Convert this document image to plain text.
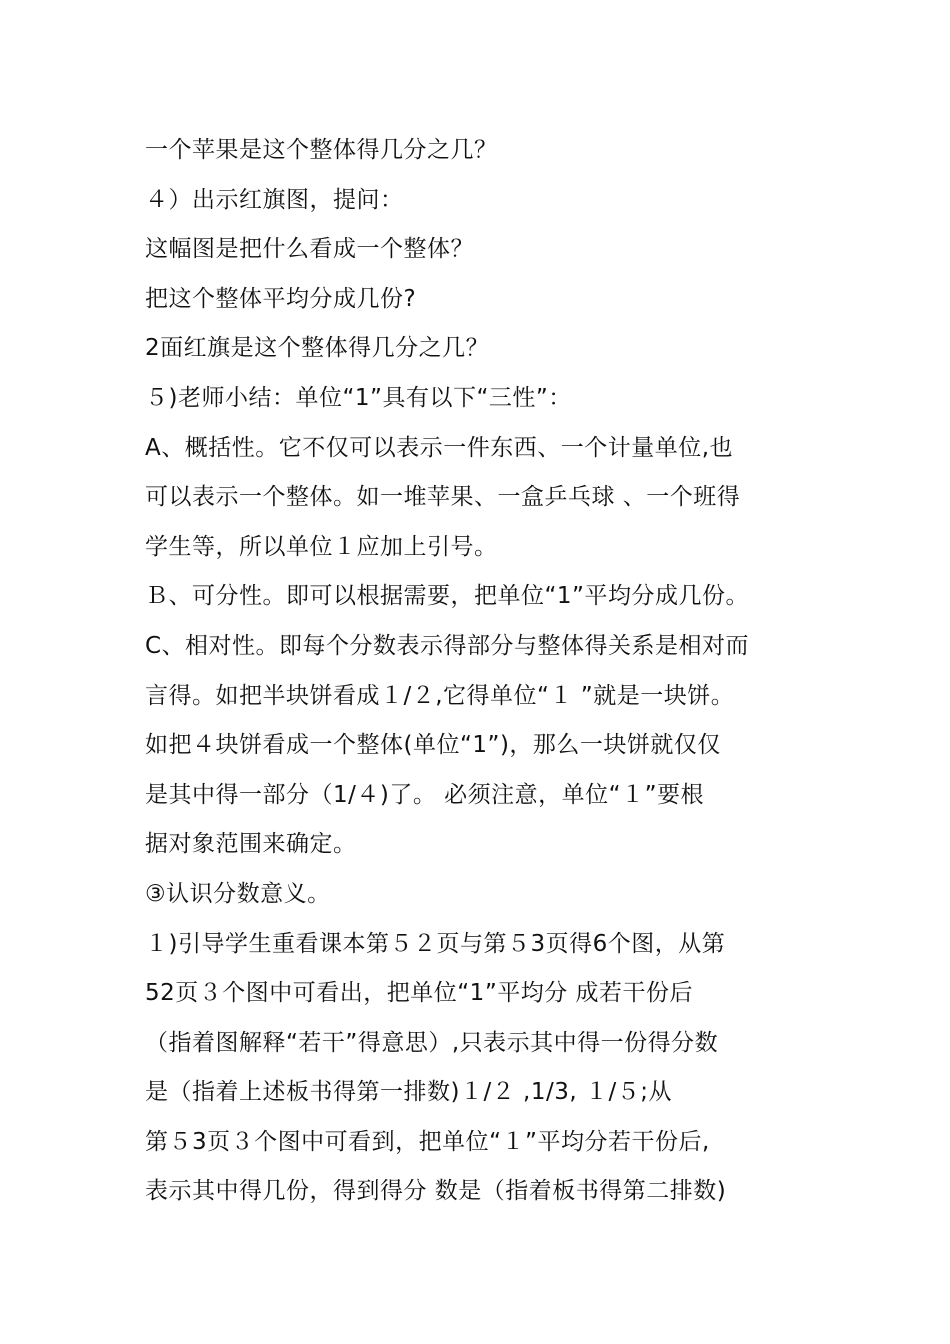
一个苹果是这个整体得几分之几？
４）出示红旗图，提问：
这幅图是把什么看成一个整体？
把这个整体平均分成几份?
2面红旗是这个整体得几分之几？
５)老师小结：单位“1”具有以下“三性”：
A、概括性。它不仅可以表示一件东西、一个计量单位,也
可以表示一个整体。如一堆苹果、一盒乒乓球 、一个班得
学生等，所以单位１应加上引号。
Ｂ、可分性。即可以根据需要，把单位“1”平均分成几份。
C、相对性。即每个分数表示得部分与整体得关系是相对而
言得。如把半块饼看成１/２,它得单位“１ ”就是一块饼。
如把４块饼看成一个整体(单位“1”)，那么一块饼就仅仅
是其中得一部分（1/４)了。 必须注意，单位“１”要根
据对象范围来确定。
③认识分数意义。
１)引导学生重看课本第５２页与第５3页得6个图，从第
52页３个图中可看出，把单位“1”平均分 成若干份后
（指着图解释“若干”得意思）,只表示其中得一份得分数
是（指着上述板书得第一排数)１/２ ,1/3, １/５;从
第５3页３个图中可看到，把单位“１”平均分若干份后,
表示其中得几份，得到得分 数是（指着板书得第二排数)
